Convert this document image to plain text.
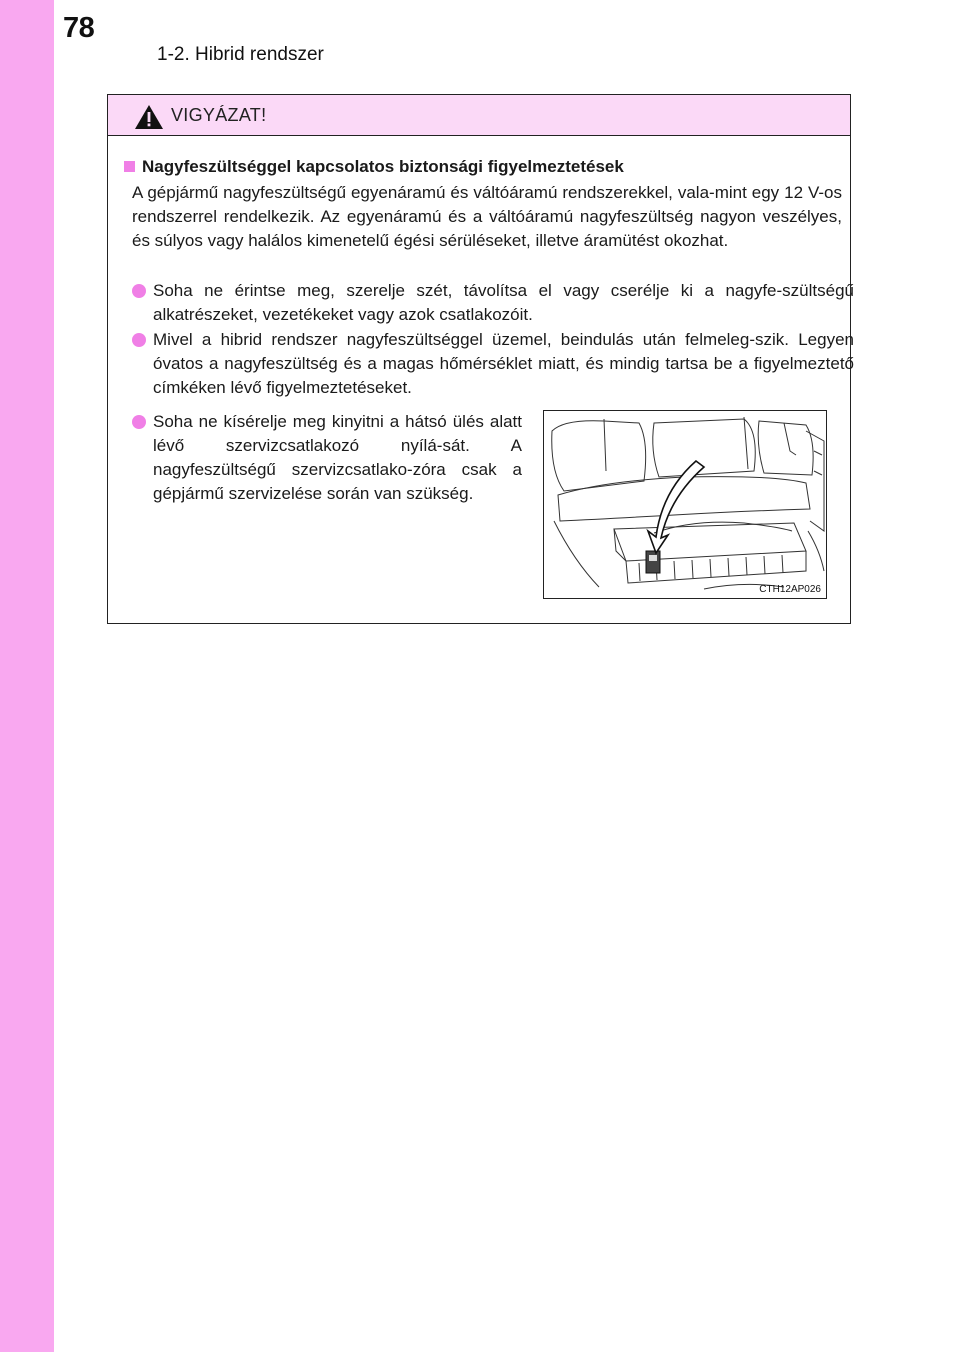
78
1-2. Hibrid rendszer
VIGYÁZAT!
Nagyfeszültséggel kapcsolatos biztonsági figyelmeztetések
A gépjármű nagyfeszültségű egyenáramú és váltóáramú rendszerekkel, vala-mint egy 12 V-os rendszerrel rendelkezik. Az egyenáramú és a váltóáramú nagyfeszültség nagyon veszélyes, és súlyos vagy halálos kimenetelű égési sérüléseket, illetve áramütést okozhat.
Soha ne érintse meg, szerelje szét, távolítsa el vagy cserélje ki a nagyfe-szültségű alkatrészeket, vezetékeket vagy azok csatlakozóit.
Mivel a hibrid rendszer nagyfeszültséggel üzemel, beindulás után felmeleg-szik. Legyen óvatos a nagyfeszültség és a magas hőmérséklet miatt, és mindig tartsa be a figyelmeztető címkéken lévő figyelmeztetéseket.
Soha ne kísérelje meg kinyitni a hátsó ülés alatt lévő szervizcsatlakozó nyílá-sát. A nagyfeszültségű szervizcsatlako-zóra csak a gépjármű szervizelése során van szükség.
CTH12AP026
